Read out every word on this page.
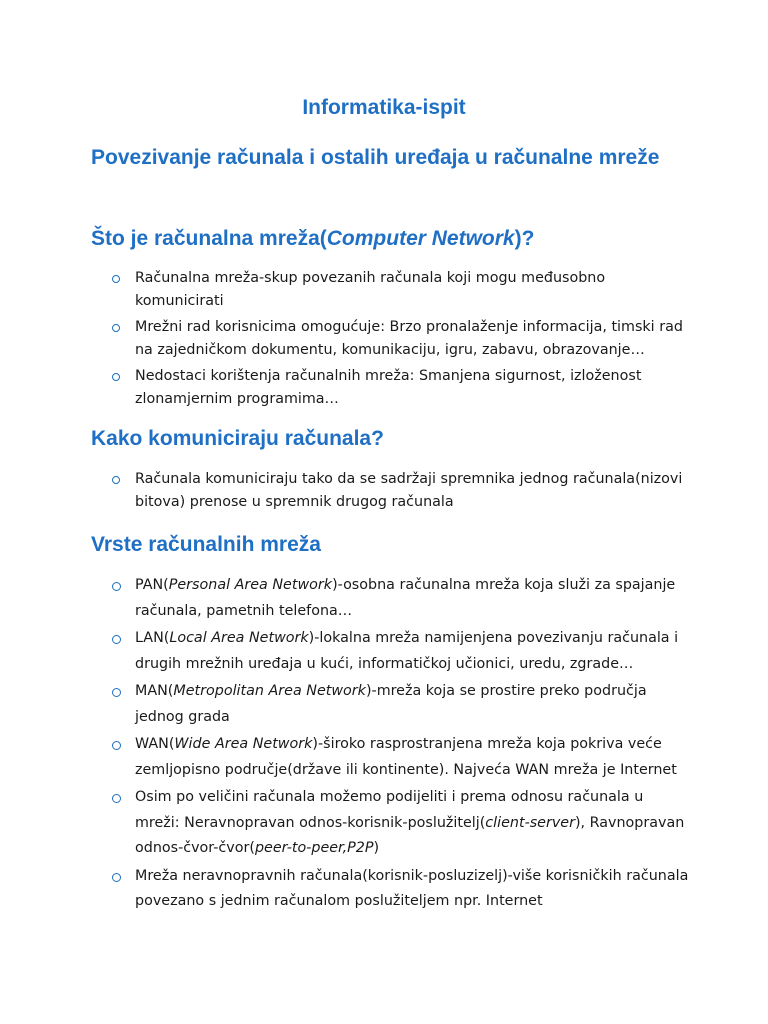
Informatika-ispit
Povezivanje računala i ostalih uređaja u računalne mreže
Što je računalna mreža(Computer Network)?
Računalna mreža-skup povezanih računala koji mogu međusobno komunicirati
Mrežni rad korisnicima omogućuje: Brzo pronalaženje informacija, timski rad na zajedničkom dokumentu, komunikaciju, igru, zabavu, obrazovanje…
Nedostaci korištenja računalnih mreža: Smanjena sigurnost, izloženost zlonamjernim programima…
Kako komuniciraju računala?
Računala komuniciraju tako da se sadržaji spremnika jednog računala(nizovi bitova) prenose u spremnik drugog računala
Vrste računalnih mreža
PAN(Personal Area Network)-osobna računalna mreža koja služi za spajanje računala, pametnih telefona…
LAN(Local Area Network)-lokalna mreža namijenjena povezivanju računala i drugih mrežnih uređaja u kući, informatičkoj učionici, uredu, zgrade…
MAN(Metropolitan Area Network)-mreža koja se prostire preko područja jednog grada
WAN(Wide Area Network)-široko rasprostranjena mreža koja pokriva veće zemljopisno područje(države ili kontinente). Najveća WAN mreža je Internet
Osim po veličini računala možemo podijeliti i prema odnosu računala u mreži: Neravnopravan odnos-korisnik-poslužitelj(client-server), Ravnopravan odnos-čvor-čvor(peer-to-peer,P2P)
Mreža neravnopravnih računala(korisnik-posluzizelj)-više korisničkih računala povezano s jednim računalom poslužiteljem npr. Internet
